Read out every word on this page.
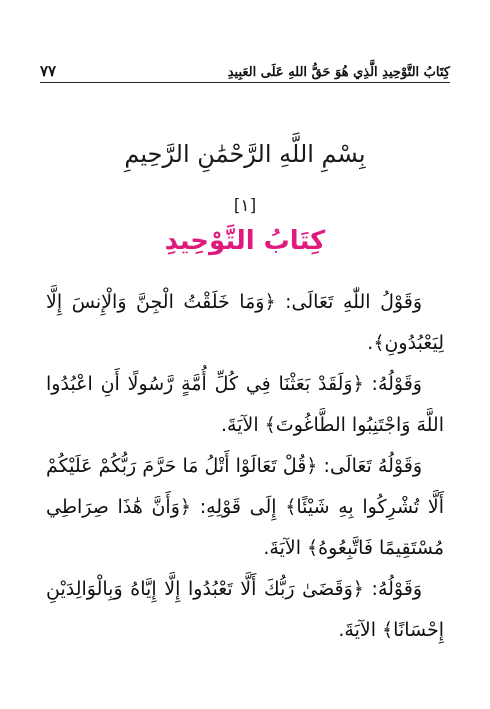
٧٧	كِتَابُ التَّوْحِيدِ الَّذِي هُوَ حَقُّ اللهِ عَلَى العَبِيدِ
بِسْمِ اللَّهِ الرَّحْمَٰنِ الرَّحِيمِ
[١]
كِتَابُ التَّوْحِيدِ

وَقَوْلُ اللّٰهِ تَعَالَى: ﴿وَمَا خَلَقْتُ الْجِنَّ وَالْإِنسَ إِلَّا لِيَعْبُدُونِ﴾.

وَقَوْلُهُ: ﴿وَلَقَدْ بَعَثْنَا فِي كُلِّ أُمَّةٍ رَّسُولًا أَنِ اعْبُدُوا اللَّهَ وَاجْتَنِبُوا الطَّاغُوتَ﴾ الآيَةَ.

وَقَوْلُهُ تَعَالَى: ﴿قُلْ تَعَالَوْا أَتْلُ مَا حَرَّمَ رَبُّكُمْ عَلَيْكُمْ أَلَّا تُشْرِكُوا بِهِ شَيْئًا﴾ إِلَى قَوْلِهِ: ﴿وَأَنَّ هَٰذَا صِرَاطِي مُسْتَقِيمًا فَاتَّبِعُوهُ﴾ الآيَةَ.

وَقَوْلُهُ: ﴿وَقَضَىٰ رَبُّكَ أَلَّا تَعْبُدُوا إِلَّا إِيَّاهُ وَبِالْوَالِدَيْنِ إِحْسَانًا﴾ الآيَةَ.
